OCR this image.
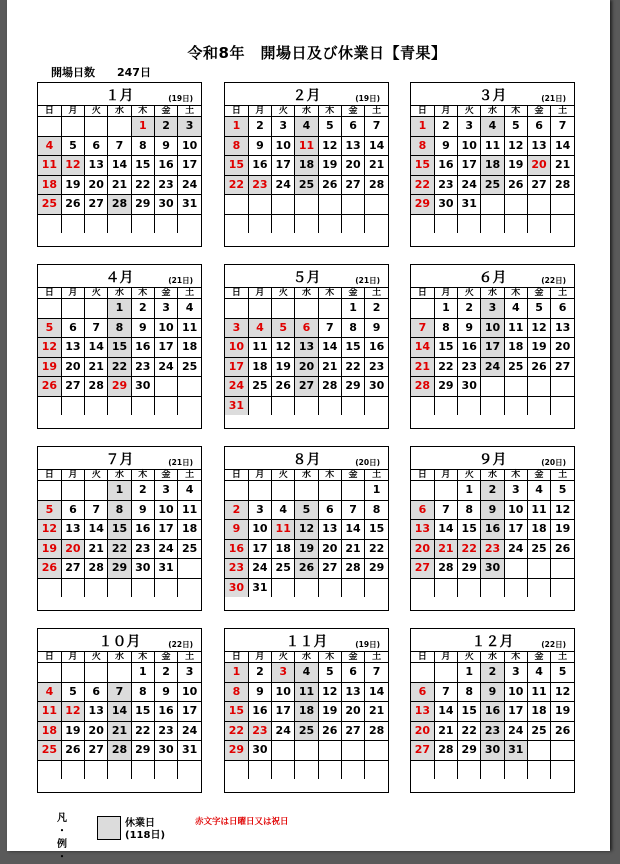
令和8年　開場日及び休業日【青果】
開場日数 247日
１月	(19日)
日	月	火	水	木	金	土
				1	2	3
4	5	6	7	8	9	10
11	12	13	14	15	16	17
18	19	20	21	22	23	24
25	26	27	28	29	30	31

２月	(19日)
日	月	火	水	木	金	土
1	2	3	4	5	6	7
8	9	10	11	12	13	14
15	16	17	18	19	20	21
22	23	24	25	26	27	28

３月	(21日)
日	月	火	水	木	金	土
1	2	3	4	5	6	7
8	9	10	11	12	13	14
15	16	17	18	19	20	21
22	23	24	25	26	27	28
29	30	31				

４月	(21日)
日	月	火	水	木	金	土
			1	2	3	4
5	6	7	8	9	10	11
12	13	14	15	16	17	18
19	20	21	22	23	24	25
26	27	28	29	30		

５月	(21日)
日	月	火	水	木	金	土
					1	2
3	4	5	6	7	8	9
10	11	12	13	14	15	16
17	18	19	20	21	22	23
24	25	26	27	28	29	30
31						
６月	(22日)
日	月	火	水	木	金	土
	1	2	3	4	5	6
7	8	9	10	11	12	13
14	15	16	17	18	19	20
21	22	23	24	25	26	27
28	29	30				

７月	(21日)
日	月	火	水	木	金	土
			1	2	3	4
5	6	7	8	9	10	11
12	13	14	15	16	17	18
19	20	21	22	23	24	25
26	27	28	29	30	31	

８月	(20日)
日	月	火	水	木	金	土
						1
2	3	4	5	6	7	8
9	10	11	12	13	14	15
16	17	18	19	20	21	22
23	24	25	26	27	28	29
30	31					
９月	(20日)
日	月	火	水	木	金	土
		1	2	3	4	5
6	7	8	9	10	11	12
13	14	15	16	17	18	19
20	21	22	23	24	25	26
27	28	29	30			

１０月	(22日)
日	月	火	水	木	金	土
				1	2	3
4	5	6	7	8	9	10
11	12	13	14	15	16	17
18	19	20	21	22	23	24
25	26	27	28	29	30	31

１１月	(19日)
日	月	火	水	木	金	土
1	2	3	4	5	6	7
8	9	10	11	12	13	14
15	16	17	18	19	20	21
22	23	24	25	26	27	28
29	30					

１２月	(22日)
日	月	火	水	木	金	土
		1	2	3	4	5
6	7	8	9	10	11	12
13	14	15	16	17	18	19
20	21	22	23	24	25	26
27	28	29	30	31		

凡 ・ 例 ・
休業日
(118日)
赤文字は日曜日又は祝日
